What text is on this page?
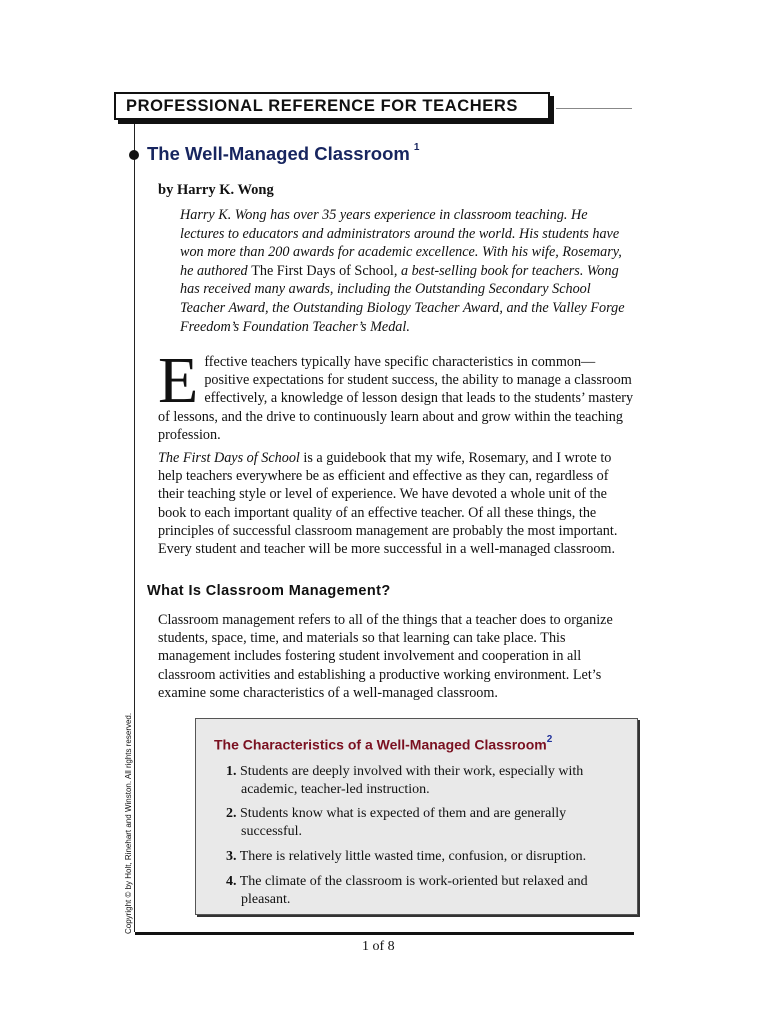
PROFESSIONAL REFERENCE FOR TEACHERS
The Well-Managed Classroom $^1$
by Harry K. Wong
Harry K. Wong has over 35 years experience in classroom teaching. He lectures to educators and administrators around the world. His students have won more than 200 awards for academic excellence. With his wife, Rosemary, he authored The First Days of School, a best-selling book for teachers. Wong has received many awards, including the Outstanding Secondary School Teacher Award, the Outstanding Biology Teacher Award, and the Valley Forge Freedom’s Foundation Teacher’s Medal.
Effective teachers typically have specific characteristics in common—positive expectations for student success, the ability to manage a classroom effectively, a knowledge of lesson design that leads to the students’ mastery of lessons, and the drive to continuously learn about and grow within the teaching profession.
The First Days of School is a guidebook that my wife, Rosemary, and I wrote to help teachers everywhere be as efficient and effective as they can, regardless of their teaching style or level of experience. We have devoted a whole unit of the book to each important quality of an effective teacher. Of all these things, the principles of successful classroom management are probably the most important. Every student and teacher will be more successful in a well-managed classroom.
What Is Classroom Management?
Classroom management refers to all of the things that a teacher does to organize students, space, time, and materials so that learning can take place. This management includes fostering student involvement and cooperation in all classroom activities and establishing a productive working environment. Let’s examine some characteristics of a well-managed classroom.
The Characteristics of a Well-Managed Classroom$^2$
1. Students are deeply involved with their work, especially with
academic, teacher-led instruction.
2. Students know what is expected of them and are generally
successful.
3. There is relatively little wasted time, confusion, or disruption.
4. The climate of the classroom is work-oriented but relaxed and
pleasant.
1 of 8
Copyright © by Holt, Rinehart and Winston. All rights reserved.
